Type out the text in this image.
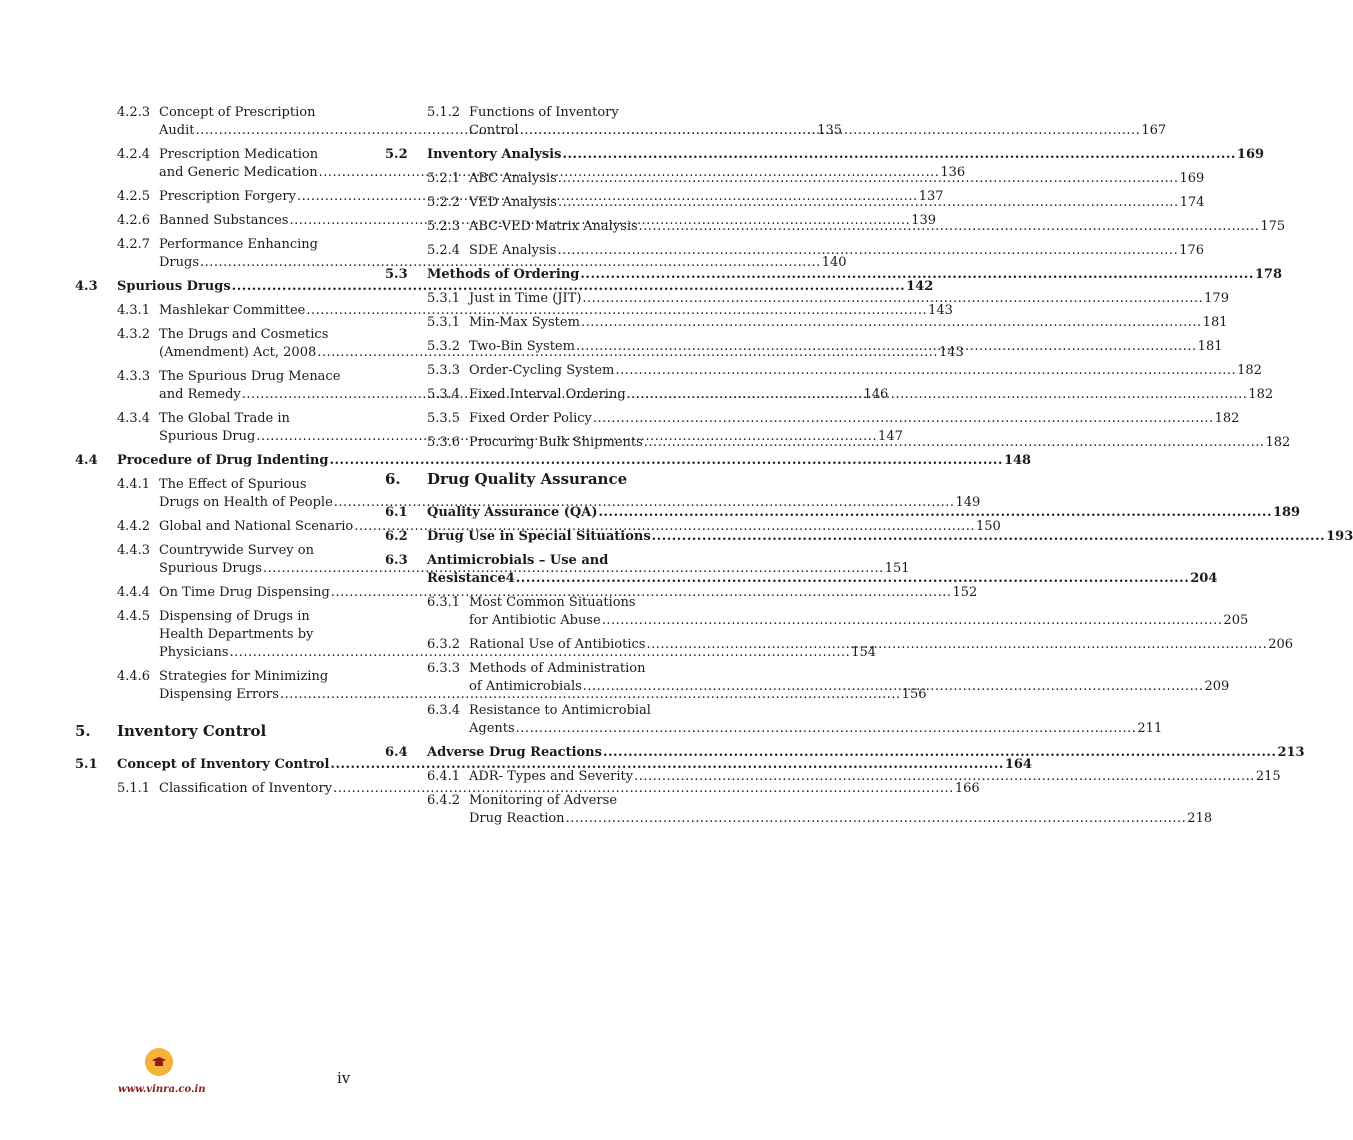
4.2.3 Concept of Prescription
Audit .....	135
4.2.4 Prescription Medication
and Generic Medication .....	136
4.2.5 Prescription Forgery .....	137
4.2.6 Banned Substances .....	139
4.2.7 Performance Enhancing
Drugs .....	140
4.3	Spurious Drugs .....	142
4.3.1 Mashlekar Committee .....	143
4.3.2 The Drugs and Cosmetics
(Amendment) Act, 2008 .....	143
4.3.3 The Spurious Drug Menace
and Remedy .....	146
4.3.4 The Global Trade in
Spurious Drug .....	147
4.4	Procedure of Drug Indenting .....	148
4.4.1 The Effect of Spurious
Drugs on Health of People .....	149
4.4.2 Global and National Scenario .....	150
4.4.3 Countrywide Survey on
Spurious Drugs .....	151
4.4.4 On Time Drug Dispensing .....	152
4.4.5 Dispensing of Drugs in
Health Departments by
Physicians .....	154
4.4.6 Strategies for Minimizing
Dispensing Errors .....	156
5.	Inventory Control
5.1	Concept of Inventory Control .....	164
5.1.1 Classification of Inventory .....	166
5.1.2 Functions of Inventory
Control .....	167
5.2	Inventory Analysis .....	169
5.2.1 ABC Analysis .....	169
5.2.2 VED Analysis .....	174
5.2.3 ABC-VED Matrix Analysis .....	175
5.2.4 SDE Analysis .....	176
5.3	Methods of Ordering .....	178
5.3.1 Just in Time (JIT) .....	179
5.3.1 Min-Max System .....	181
5.3.2 Two-Bin System .....	181
5.3.3 Order-Cycling System .....	182
5.3.4 Fixed Interval Ordering .....	182
5.3.5 Fixed Order Policy .....	182
5.3.6 Procuring Bulk Shipments .....	182
6.	Drug Quality Assurance
6.1	Quality Assurance (QA) .....	189
6.2	Drug Use in Special Situations .....	193
6.3	Antimicrobials – Use and
Resistance4 .....	204
6.3.1 Most Common Situations
for Antibiotic Abuse .....	205
6.3.2 Rational Use of Antibiotics .....	206
6.3.3 Methods of Administration
of Antimicrobials .....	209
6.3.4 Resistance to Antimicrobial
Agents .....	211
6.4	Adverse Drug Reactions .....	213
6.4.1 ADR- Types and Severity .....	215
6.4.2 Monitoring of Adverse
Drug Reaction .....	218
www.vinra.co.in
iv
